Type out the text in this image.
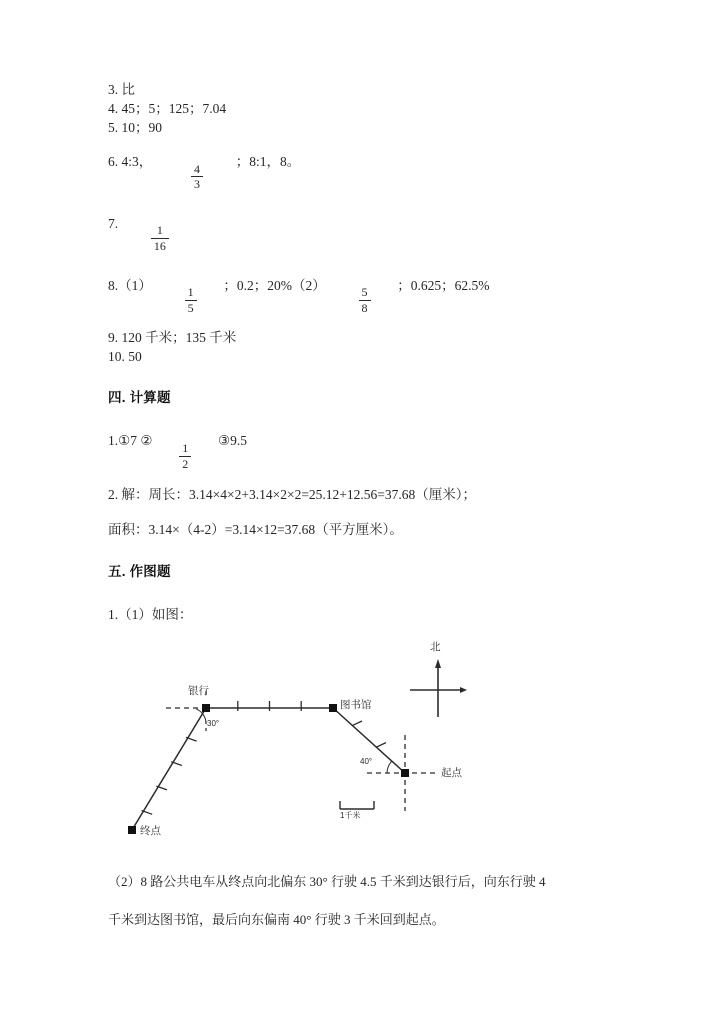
3. 比
4. 45；5；125；7.04
5. 10；90
6. 4:3，
$\frac{4}{3}$
；8:1，8。
7.
$\frac{1}{16}$
8.（1）
$\frac{1}{5}$
；0.2；20%（2）
$\frac{5}{8}$
；0.625；62.5%
9. 120 千米；135 千米
10. 50
四. 计算题
1.①7 ②
$\frac{1}{2}$
③9.5
2. 解：周长：3.14×4×2+3.14×2×2=25.12+12.56=37.68（厘米）；
面积：3.14×（4-2）=3.14×12=37.68（平方厘米）。
五. 作图题
1.（1）如图：
银行
图书馆
起点
终点
北
30°
40°
1千米
（2）8 路公共电车从终点向北偏东 30° 行驶 4.5 千米到达银行后，向东行驶 4
千米到达图书馆，最后向东偏南 40° 行驶 3 千米回到起点。
